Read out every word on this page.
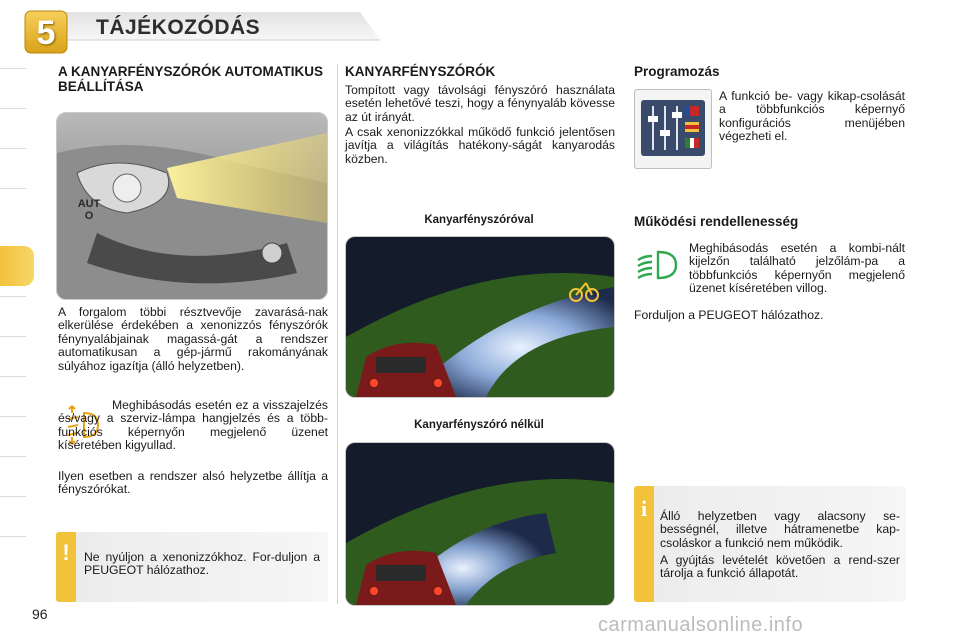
5	TÁJÉKOZÓDÁS
A KANYARFÉNYSZÓRÓK AUTOMATIKUS BEÁLLÍTÁSA
AUTO

A forgalom többi résztvevője zavarásá-nak elkerülése érdekében a xenonizzós fényszórók fénynyalábjainak magassá-gát a rendszer automatikusan a gép-jármű rakományának súlyához igazítja (álló helyzetben).

Meghibásodás esetén ez a visszajelzés és/vagy a szerviz-lámpa hangjelzés és a több-funkciós képernyőn megjelenő üzenet kíséretében kigyullad.

Ilyen esetben a rendszer alsó helyzetbe állítja a fényszórókat.

!	Ne nyúljon a xenonizzókhoz. For-duljon a PEUGEOT hálózathoz.

KANYARFÉNYSZÓRÓK

Tompított vagy távolsági fényszóró használata esetén lehetővé teszi, hogy a fénynyaláb kövesse az út irányát.

A csak xenonizzókkal működő funkció jelentősen javítja a világítás hatékony-ságát kanyarodás közben.

Kanyarfényszóróval
Kanyarfényszóró nélkül
Programozás

A funkció be- vagy kikap-csolását a többfunkciós képernyő konfigurációs menüjében végezheti el.

Működési rendellenesség

Meghibásodás esetén a kombi-nált kijelzőn található jelzőlám-pa a többfunkciós képernyőn megjelenő üzenet kíséretében villog.

Forduljon a PEUGEOT hálózathoz.

i	Álló helyzetben vagy alacsony se-bességnél, illetve hátramenetbe kap-csoláskor a funkció nem működik.

A gyújtás levételét követően a rend-szer tárolja a funkció állapotát.

96	carmanualsonline.info
